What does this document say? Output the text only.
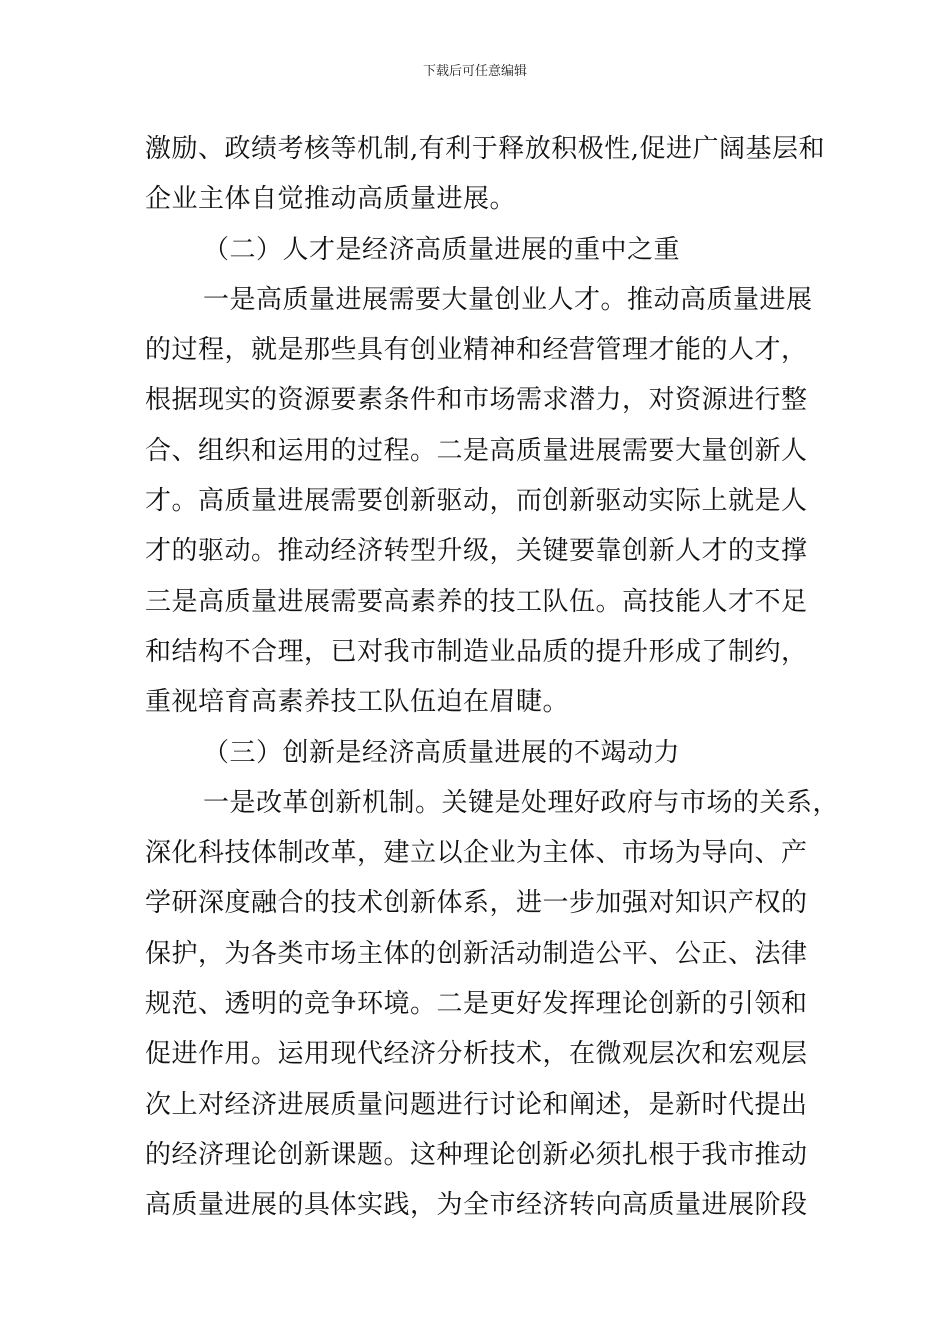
下载后可任意编辑
激励、政绩考核等机制,有利于释放积极性,促进广阔基层和
企业主体自觉推动高质量进展。
（二）人才是经济高质量进展的重中之重
一是高质量进展需要大量创业人才。推动高质量进展
的过程，就是那些具有创业精神和经营管理才能的人才，
根据现实的资源要素条件和市场需求潜力，对资源进行整
合、组织和运用的过程。二是高质量进展需要大量创新人
才。高质量进展需要创新驱动，而创新驱动实际上就是人
才的驱动。推动经济转型升级，关键要靠创新人才的支撑
三是高质量进展需要高素养的技工队伍。高技能人才不足
和结构不合理，已对我市制造业品质的提升形成了制约，
重视培育高素养技工队伍迫在眉睫。
（三）创新是经济高质量进展的不竭动力
一是改革创新机制。关键是处理好政府与市场的关系，
深化科技体制改革，建立以企业为主体、市场为导向、产
学研深度融合的技术创新体系，进一步加强对知识产权的
保护，为各类市场主体的创新活动制造公平、公正、法律
规范、透明的竞争环境。二是更好发挥理论创新的引领和
促进作用。运用现代经济分析技术，在微观层次和宏观层
次上对经济进展质量问题进行讨论和阐述，是新时代提出
的经济理论创新课题。这种理论创新必须扎根于我市推动
高质量进展的具体实践，为全市经济转向高质量进展阶段
